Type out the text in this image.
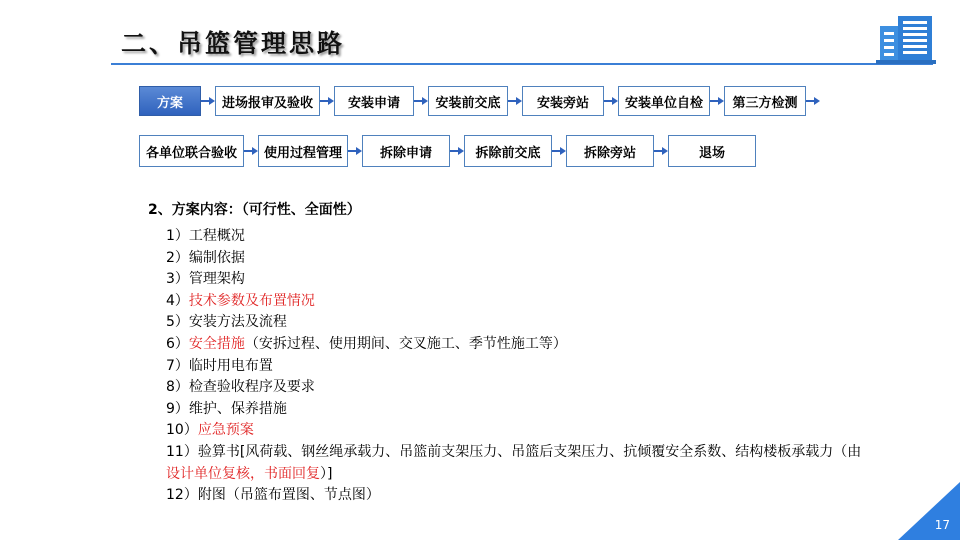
二、吊篮管理思路
方案	进场报审及验收	安装申请	安装前交底	安装旁站	安装单位自检	第三方检测
各单位联合验收	使用过程管理	拆除申请	拆除前交底	拆除旁站	退场
2、方案内容：（可行性、全面性）
1）工程概况
2）编制依据
3）管理架构
4）技术参数及布置情况
5）安装方法及流程
6）安全措施（安拆过程、使用期间、交叉施工、季节性施工等）
7）临时用电布置
8）检查验收程序及要求
9）维护、保养措施
10）应急预案
11）验算书[风荷载、钢丝绳承载力、吊篮前支架压力、吊篮后支架压力、抗倾覆安全系数、结构楼板承载力（由设计单位复核，书面回复）]
12）附图（吊篮布置图、节点图）
17
